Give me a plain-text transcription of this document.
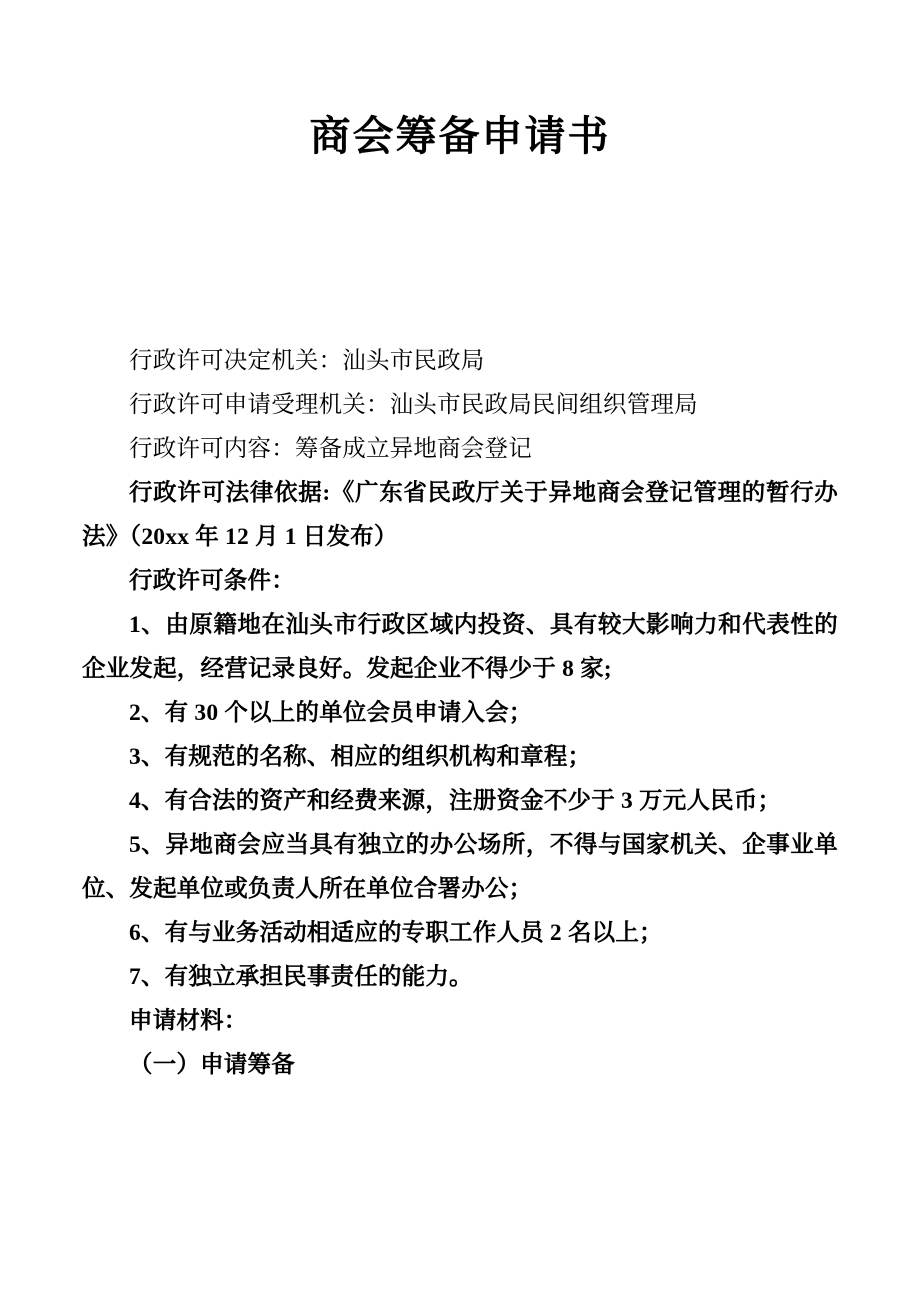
商会筹备申请书

行政许可决定机关：汕头市民政局

行政许可申请受理机关：汕头市民政局民间组织管理局

行政许可内容：筹备成立异地商会登记

行政许可法律依据:《广东省民政厅关于异地商会登记管理的暂行办法》（20xx 年 12 月 1 日发布）

行政许可条件：

1、由原籍地在汕头市行政区域内投资、具有较大影响力和代表性的企业发起，经营记录良好。发起企业不得少于 8 家;

2、有 30 个以上的单位会员申请入会；

3、有规范的名称、相应的组织机构和章程；

4、有合法的资产和经费来源，注册资金不少于 3 万元人民币；

5、异地商会应当具有独立的办公场所，不得与国家机关、企事业单位、发起单位或负责人所在单位合署办公；

6、有与业务活动相适应的专职工作人员 2 名以上；

7、有独立承担民事责任的能力。

申请材料：

（一）申请筹备
